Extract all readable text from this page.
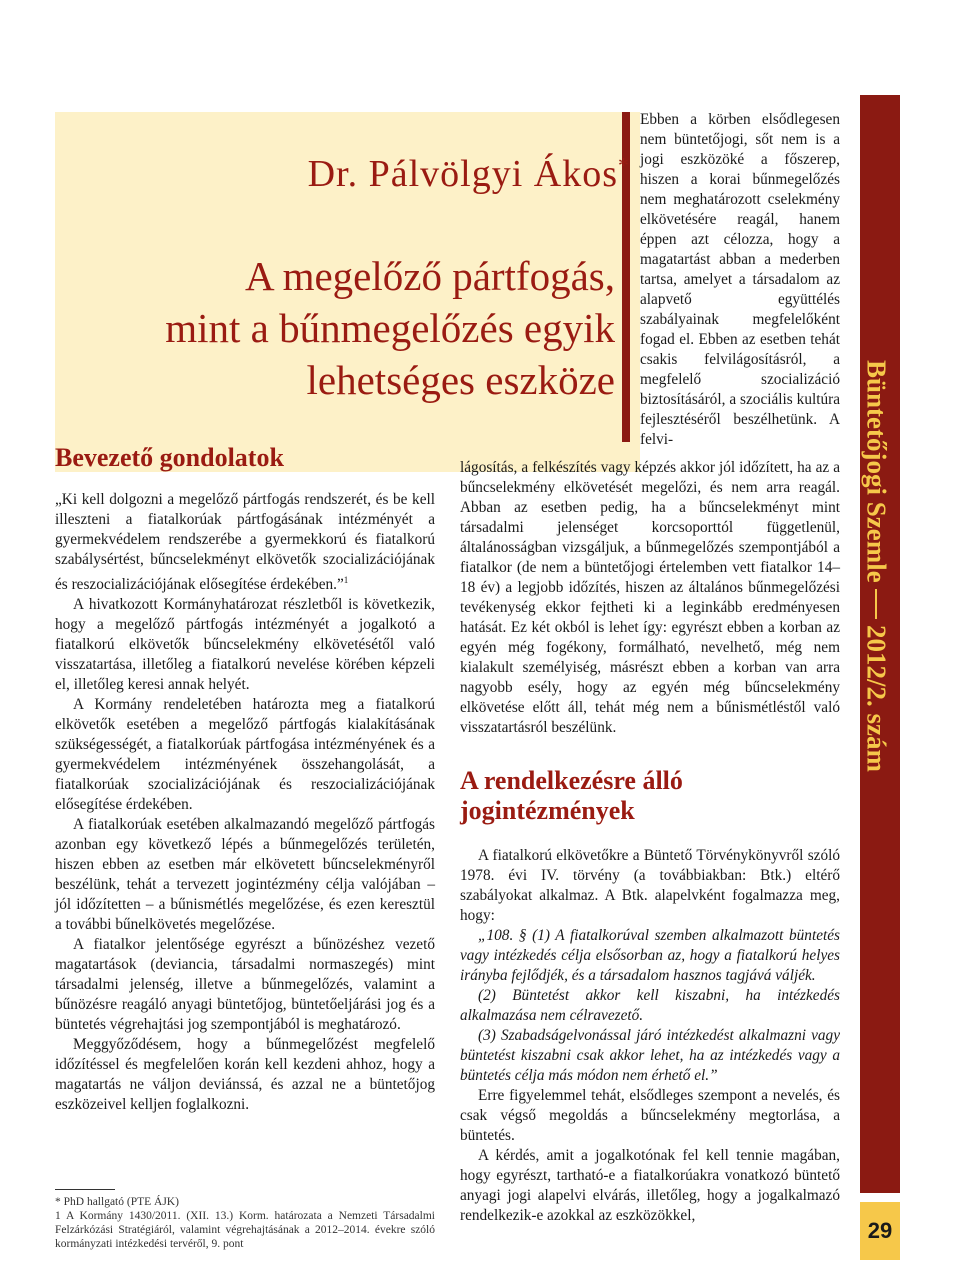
Dr. Pálvölgyi Ákos*
A megelőző pártfogás,
mint a bűnmegelőzés egyik
lehetséges eszköze
Bevezető gondolatok

„Ki kell dolgozni a megelőző pártfogás rendszerét, és be kell illeszteni a fiatalkorúak pártfogásának intézményét a gyermekvédelem rendszerébe a gyermekkorú és fiatalkorú szabálysértést, bűncselekményt elkövetők szocializációjának és reszocializációjának elősegítése érdekében.”$^1$

A hivatkozott Kormányhatározat részletből is következik, hogy a megelőző pártfogás intézményét a jogalkotó a fiatalkorú elkövetők bűncselekmény elkövetésétől való visszatartása, illetőleg a fiatalkorú nevelése körében képzeli el, illetőleg keresi annak helyét.

A Kormány rendeletében határozta meg a fiatalkorú elkövetők esetében a megelőző pártfogás kialakításának szükségességét, a fiatalkorúak pártfogása intézményének és a gyermekvédelem intézményének összehangolását, a fiatalkorúak szocializációjának és reszocializációjának elősegítése érdekében.

A fiatalkorúak esetében alkalmazandó megelőző pártfogás azonban egy következő lépés a bűnmegelőzés területén, hiszen ebben az esetben már elkövetett bűncselekményről beszélünk, tehát a tervezett jogintézmény célja valójában – jól időzítetten – a bűnismétlés megelőzése, és ezen keresztül a további bűnelkövetés megelőzése.

A fiatalkor jelentősége egyrészt a bűnözéshez vezető magatartások (deviancia, társadalmi normaszegés) mint társadalmi jelenség, illetve a bűnmegelőzés, valamint a bűnözésre reagáló anyagi büntetőjog, büntetőeljárási jog és a büntetés végrehajtási jog szempontjából is meghatározó.

Meggyőződésem, hogy a bűnmegelőzést megfelelő időzítéssel és megfelelően korán kell kezdeni ahhoz, hogy a magatartás ne váljon deviánssá, és azzal ne a büntetőjog eszközeivel kelljen foglalkozni.

Ebben a körben elsődlegesen nem büntetőjogi, sőt nem is a jogi eszközöké a főszerep, hiszen a korai bűnmegelőzés nem meghatározott cselekmény elkövetésére reagál, hanem éppen azt célozza, hogy a magatartást abban a mederben tartsa, amelyet a társadalom az alapvető együttélés szabályainak megfelelőként fogad el. Ebben az esetben tehát csakis felvilágosításról, a megfelelő szocializáció biztosításáról, a szociális kultúra fejlesztéséről beszélhetünk. A felvi-

lágosítás, a felkészítés vagy képzés akkor jól időzített, ha az a bűncselekmény elkövetését megelőzi, és nem arra reagál. Abban az esetben pedig, ha a bűncselekményt mint társadalmi jelenséget korcsoporttól függetlenül, általánosságban vizsgáljuk, a bűnmegelőzés szempontjából a fiatalkor (de nem a büntetőjogi értelemben vett fiatalkor 14–18 év) a legjobb időzítés, hiszen az általános bűnmegelőzési tevékenység ekkor fejtheti ki a leginkább eredményesen hatását. Ez két okból is lehet így: egyrészt ebben a korban az egyén még fogékony, formálható, nevelhető, még nem kialakult személyiség, másrészt ebben a korban van arra nagyobb esély, hogy az egyén még bűncselekmény elkövetése előtt áll, tehát még nem a bűnismétléstől való visszatartásról beszélünk.

A rendelkezésre álló jogintézmények

A fiatalkorú elkövetőkre a Büntető Törvénykönyvről szóló 1978. évi IV. törvény (a továbbiakban: Btk.) eltérő szabályokat alkalmaz. A Btk. alapelvként fogalmazza meg, hogy:

„108. § (1) A fiatalkorúval szemben alkalmazott büntetés vagy intézkedés célja elsősorban az, hogy a fiatalkorú helyes irányba fejlődjék, és a társadalom hasznos tagjává váljék.

(2) Büntetést akkor kell kiszabni, ha intézkedés alkalmazása nem célravezető.

(3) Szabadságelvonással járó intézkedést alkalmazni vagy büntetést kiszabni csak akkor lehet, ha az intézkedés vagy a büntetés célja más módon nem érhető el.”

Erre figyelemmel tehát, elsődleges szempont a nevelés, és csak végső megoldás a bűncselekmény megtorlása, a büntetés.

A kérdés, amit a jogalkotónak fel kell tennie magában, hogy egyrészt, tartható-e a fiatalkorúakra vonatkozó büntető anyagi jogi alapelvi elvárás, illetőleg, hogy a jogalkalmazó rendelkezik-e azokkal az eszközökkel,

* PhD hallgató (PTE ÁJK)

1 A Kormány 1430/2011. (XII. 13.) Korm. határozata a Nemzeti Társadalmi Felzárkózási Stratégiáról, valamint végrehajtásának a 2012–2014. évekre szóló kormányzati intézkedési tervéről, 9. pont

Büntetőjogi Szemle
2012/2. szám
29
